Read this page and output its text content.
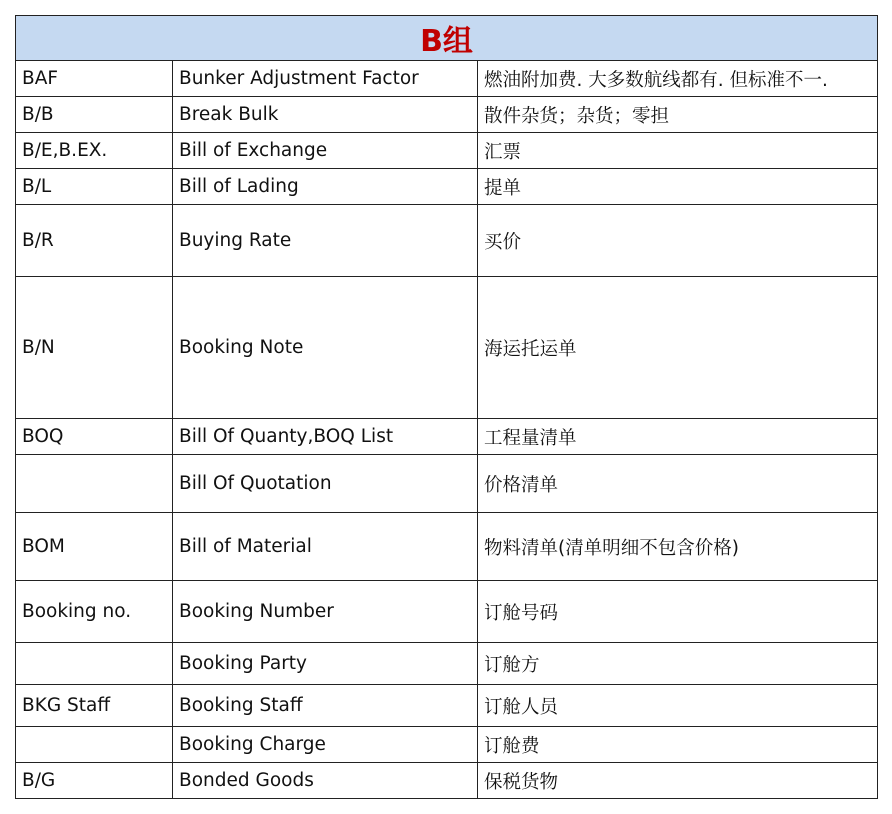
B组		
BAF	Bunker Adjustment Factor	燃油附加费. 大多数航线都有. 但标准不一.
B/B	Break Bulk	散件杂货；杂货；零担
B/E,B.EX.	Bill of Exchange	汇票
B/L	Bill of Lading	提单
B/R	Buying Rate	买价
B/N	Booking Note	海运托运单
BOQ	Bill Of Quanty,BOQ List	工程量清单
	Bill Of Quotation	价格清单
BOM	Bill of Material	物料清单(清单明细不包含价格)
Booking no.	Booking Number	订舱号码
	Booking Party	订舱方
BKG Staff	Booking Staff	订舱人员
	Booking Charge	订舱费
B/G	Bonded Goods	保税货物
